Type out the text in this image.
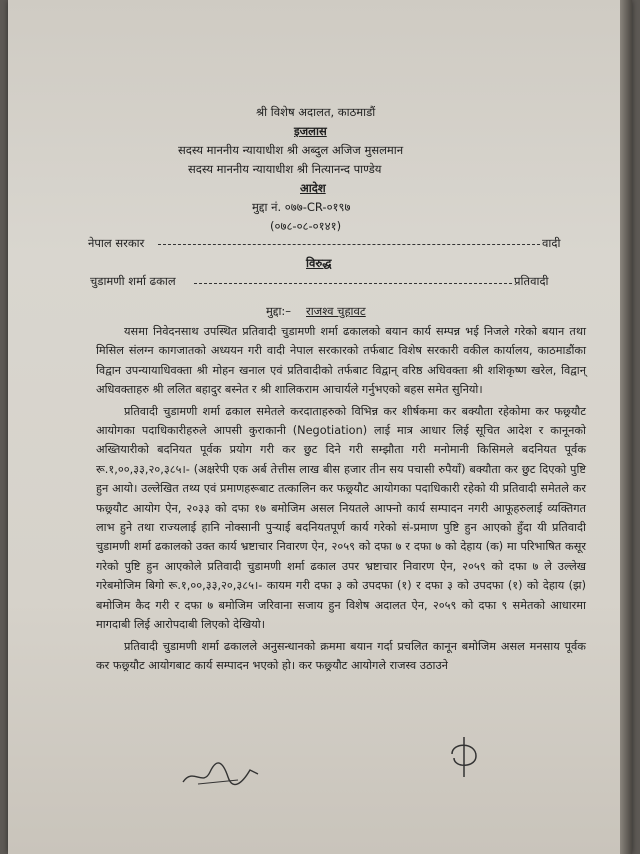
श्री विशेष अदालत, काठमाडौं
इजलास
सदस्य माननीय न्यायाधीश श्री अब्दुल अजिज मुसलमान
सदस्य माननीय न्यायाधीश श्री नित्यानन्द पाण्डेय
आदेश
मुद्दा नं. ०७७-CR-०१९७
(०७८-०८-०१४१)
नेपाल सरकार	वादी
विरुद्ध
चुडामणी शर्मा ढकाल	प्रतिवादी
मुद्दा:– राजश्व चुहावट

यसमा निवेदनसाथ उपस्थित प्रतिवादी चुडामणी शर्मा ढकालको बयान कार्य सम्पन्न भई निजले गरेको बयान तथा मिसिल संलग्न कागजातको अध्ययन गरी वादी नेपाल सरकारको तर्फबाट विशेष सरकारी वकील कार्यालय, काठमाडौंका विद्वान उपन्यायाधिवक्ता श्री मोहन खनाल एवं प्रतिवादीको तर्फबाट विद्वान् वरिष्ठ अधिवक्ता श्री शशिकृष्ण खरेल, विद्वान् अधिवक्ताहरु श्री ललित बहादुर बस्नेत र श्री शालिकराम आचार्यले गर्नुभएको बहस समेत सुनियो।

प्रतिवादी चुडामणी शर्मा ढकाल समेतले करदाताहरुको विभिन्न कर शीर्षकमा कर बक्यौता रहेकोमा कर फछ्र्यौट आयोगका पदाधिकारीहरुले आपसी कुराकानी (Negotiation) लाई मात्र आधार लिई सूचित आदेश र कानूनको अख्तियारीको बदनियत पूर्वक प्रयोग गरी कर छुट दिने गरी सम्झौता गरी मनोमानी किसिमले बदनियत पूर्वक रू.१,००,३३,२०,३८५।- (अक्षरेपी एक अर्ब तेत्तीस लाख बीस हजार तीन सय पचासी रुपैयाँ) बक्यौता कर छुट दिएको पुष्टि हुन आयो। उल्लेखित तथ्य एवं प्रमाणहरूबाट तत्कालिन कर फछ्र्यौट आयोगका पदाधिकारी रहेको यी प्रतिवादी समेतले कर फछ्र्यौट आयोग ऐन, २०३३ को दफा १७ बमोजिम असल नियतले आफ्नो कार्य सम्पादन नगरी आफूहरुलाई व्यक्तिगत लाभ हुने तथा राज्यलाई हानि नोक्सानी पुऱ्याई बदनियतपूर्ण कार्य गरेको सं-प्रमाण पुष्टि हुन आएको हुँदा यी प्रतिवादी चुडामणी शर्मा ढकालको उक्त कार्य भ्रष्टाचार निवारण ऐन, २०५९ को दफा ७ र दफा ७ को देहाय (क) मा परिभाषित कसूर गरेको पुष्टि हुन आएकोले प्रतिवादी चुडामणी शर्मा ढकाल उपर भ्रष्टाचार निवारण ऐन, २०५९ को दफा ७ ले उल्लेख गरेबमोजिम बिगो रू.१,००,३३,२०,३८५।- कायम गरी दफा ३ को उपदफा (१) र दफा ३ को उपदफा (१) को देहाय (झ) बमोजिम कैद गरी र दफा ७ बमोजिम जरिवाना सजाय हुन विशेष अदालत ऐन, २०५९ को दफा ९ समेतको आधारमा मागदाबी लिई आरोपदाबी लिएको देखियो।

प्रतिवादी चुडामणी शर्मा ढकालले अनुसन्धानको क्रममा बयान गर्दा प्रचलित कानून बमोजिम असल मनसाय पूर्वक कर फछ्र्यौट आयोगबाट कार्य सम्पादन भएको हो। कर फछ्र्यौट आयोगले राजस्व उठाउने
